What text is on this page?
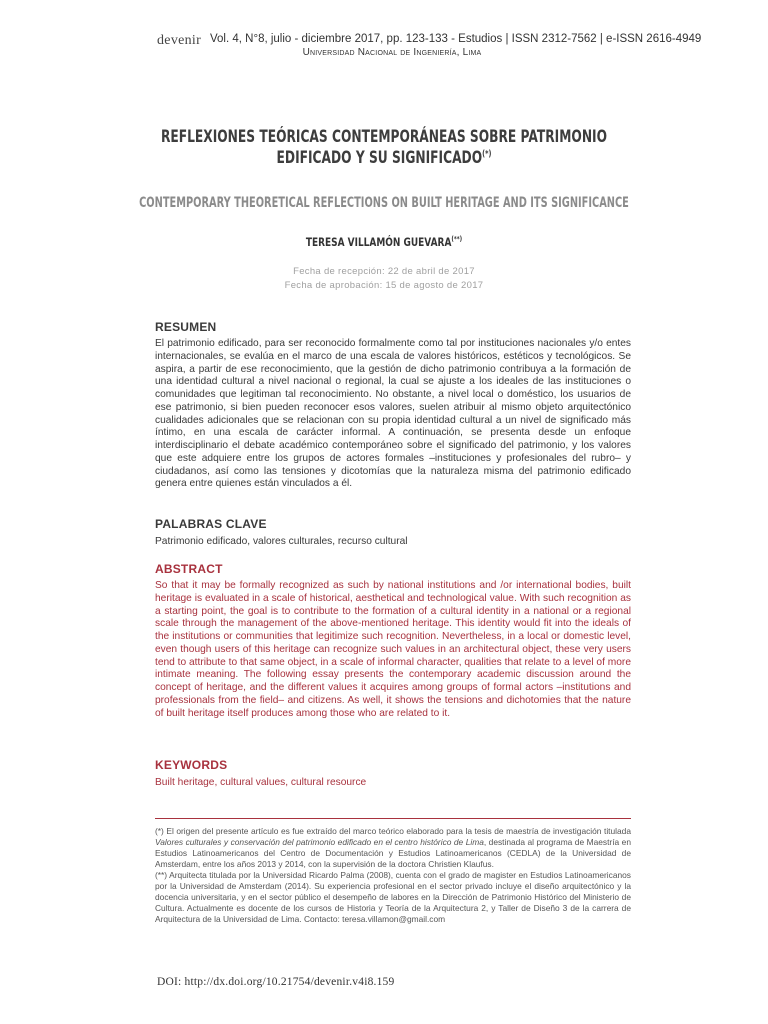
devenir Vol. 4, N°8, julio - diciembre 2017, pp. 123-133 - Estudios | ISSN 2312-7562 | e-ISSN 2616-4949
Universidad Nacional de Ingeniería, Lima
REFLEXIONES TEÓRICAS CONTEMPORÁNEAS SOBRE PATRIMONIO
EDIFICADO Y SU SIGNIFICADO(*)
CONTEMPORARY THEORETICAL REFLECTIONS ON BUILT HERITAGE AND ITS SIGNIFICANCE
TERESA VILLAMÓN GUEVARA(**)
Fecha de recepción: 22 de abril de 2017
Fecha de aprobación: 15 de agosto de 2017
RESUMEN
El patrimonio edificado, para ser reconocido formalmente como tal por instituciones nacionales y/o entes internacionales, se evalúa en el marco de una escala de valores históricos, estéticos y tecnológicos. Se aspira, a partir de ese reconocimiento, que la gestión de dicho patrimonio contribuya a la formación de una identidad cultural a nivel nacional o regional, la cual se ajuste a los ideales de las instituciones o comunidades que legitiman tal reconocimiento. No obstante, a nivel local o doméstico, los usuarios de ese patrimonio, si bien pueden reconocer esos valores, suelen atribuir al mismo objeto arquitectónico cualidades adicionales que se relacionan con su propia identidad cultural a un nivel de significado más íntimo, en una escala de carácter informal. A continuación, se presenta desde un enfoque interdisciplinario el debate académico contemporáneo sobre el significado del patrimonio, y los valores que este adquiere entre los grupos de actores formales –instituciones y profesionales del rubro– y ciudadanos, así como las tensiones y dicotomías que la naturaleza misma del patrimonio edificado genera entre quienes están vinculados a él.
PALABRAS CLAVE
Patrimonio edificado, valores culturales, recurso cultural
ABSTRACT
So that it may be formally recognized as such by national institutions and /or international bodies, built heritage is evaluated in a scale of historical, aesthetical and technological value. With such recognition as a starting point, the goal is to contribute to the formation of a cultural identity in a national or a regional scale through the management of the above-mentioned heritage. This identity would fit into the ideals of the institutions or communities that legitimize such recognition. Nevertheless, in a local or domestic level, even though users of this heritage can recognize such values in an architectural object, these very users tend to attribute to that same object, in a scale of informal character, qualities that relate to a level of more intimate meaning. The following essay presents the contemporary academic discussion around the concept of heritage, and the different values it acquires among groups of formal actors –institutions and professionals from the field– and citizens. As well, it shows the tensions and dichotomies that the nature of built heritage itself produces among those who are related to it.
KEYWORDS
Built heritage, cultural values, cultural resource

(*) El origen del presente artículo es fue extraído del marco teórico elaborado para la tesis de maestría de investigación titulada Valores culturales y conservación del patrimonio edificado en el centro histórico de Lima, destinada al programa de Maestría en Estudios Latinoamericanos del Centro de Documentación y Estudios Latinoamericanos (CEDLA) de la Universidad de Amsterdam, entre los años 2013 y 2014, con la supervisión de la doctora Christien Klaufus.

(**) Arquitecta titulada por la Universidad Ricardo Palma (2008), cuenta con el grado de magister en Estudios Latinoamericanos por la Universidad de Amsterdam (2014). Su experiencia profesional en el sector privado incluye el diseño arquitectónico y la docencia universitaria, y en el sector público el desempeño de labores en la Dirección de Patrimonio Histórico del Ministerio de Cultura. Actualmente es docente de los cursos de Historia y Teoría de la Arquitectura 2, y Taller de Diseño 3 de la carrera de Arquitectura de la Universidad de Lima. Contacto: teresa.villamon@gmail.com

DOI: http://dx.doi.org/10.21754/devenir.v4i8.159
